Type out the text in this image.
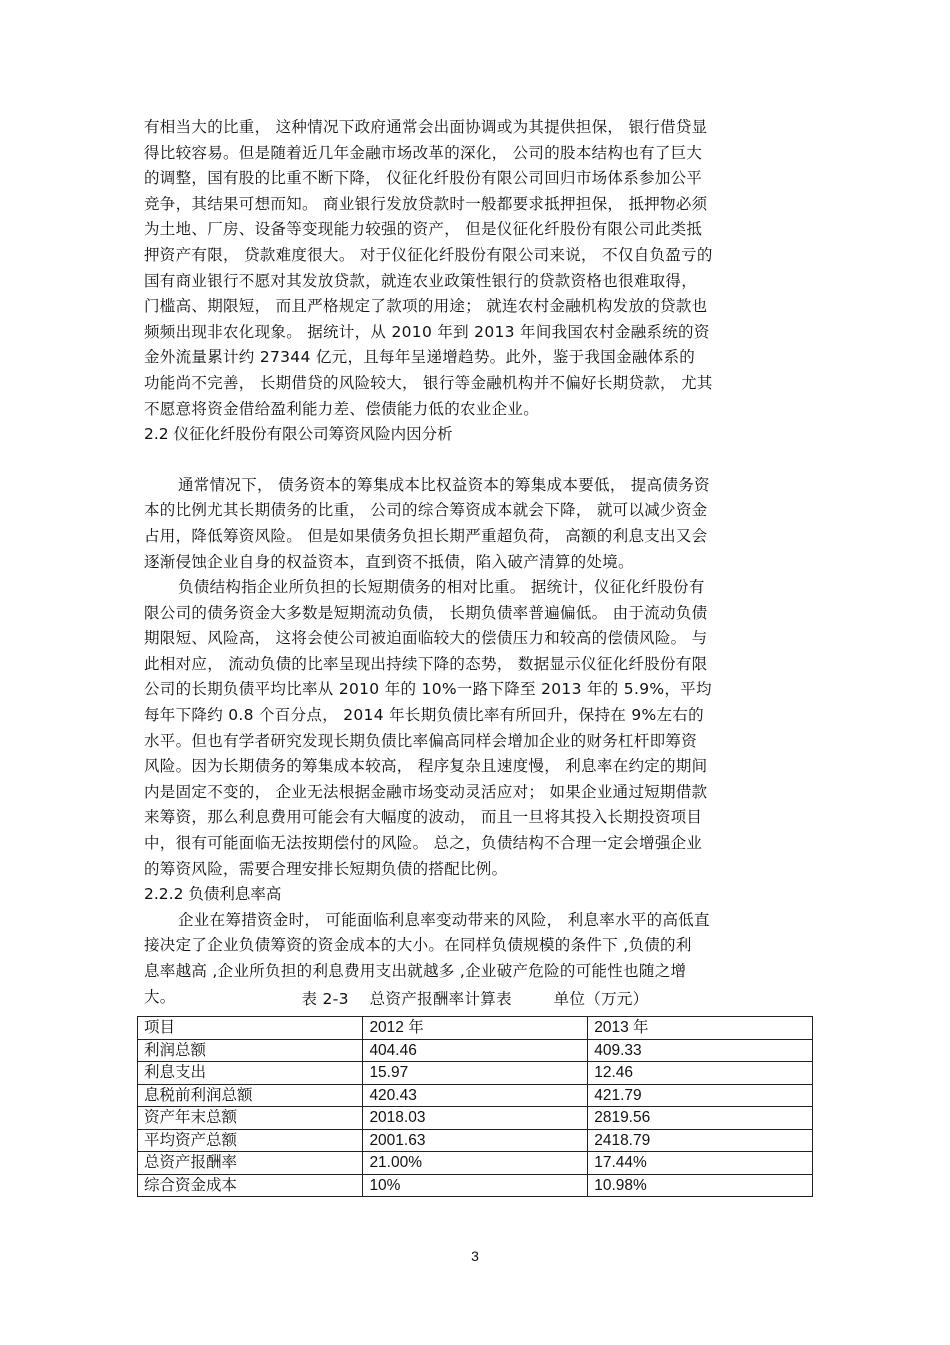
有相当大的比重， 这种情况下政府通常会出面协调或为其提供担保， 银行借贷显
得比较容易。但是随着近几年金融市场改革的深化， 公司的股本结构也有了巨大
的调整，国有股的比重不断下降， 仪征化纤股份有限公司回归市场体系参加公平
竞争，其结果可想而知。 商业银行发放贷款时一般都要求抵押担保， 抵押物必须
为土地、厂房、设备等变现能力较强的资产， 但是仪征化纤股份有限公司此类抵
押资产有限， 贷款难度很大。 对于仪征化纤股份有限公司来说， 不仅自负盈亏的
国有商业银行不愿对其发放贷款，就连农业政策性银行的贷款资格也很难取得，
门槛高、期限短， 而且严格规定了款项的用途； 就连农村金融机构发放的贷款也
频频出现非农化现象。 据统计，从 2010 年到 2013 年间我国农村金融系统的资
金外流量累计约 27344 亿元，且每年呈递增趋势。此外，鉴于我国金融体系的
功能尚不完善， 长期借贷的风险较大， 银行等金融机构并不偏好长期贷款， 尤其
不愿意将资金借给盈利能力差、偿债能力低的农业企业。
2.2 仪征化纤股份有限公司筹资风险内因分析
通常情况下， 债务资本的筹集成本比权益资本的筹集成本要低， 提高债务资
本的比例尤其长期债务的比重， 公司的综合筹资成本就会下降， 就可以减少资金
占用，降低筹资风险。 但是如果债务负担长期严重超负荷， 高额的利息支出又会
逐渐侵蚀企业自身的权益资本，直到资不抵债，陷入破产清算的处境。
负债结构指企业所负担的长短期债务的相对比重。 据统计，仪征化纤股份有
限公司的债务资金大多数是短期流动负债， 长期负债率普遍偏低。 由于流动负债
期限短、风险高， 这将会使公司被迫面临较大的偿债压力和较高的偿债风险。 与
此相对应， 流动负债的比率呈现出持续下降的态势， 数据显示仪征化纤股份有限
公司的长期负债平均比率从 2010 年的 10%一路下降至 2013 年的 5.9%，平均
每年下降约 0.8 个百分点， 2014 年长期负债比率有所回升，保持在 9%左右的
水平。但也有学者研究发现长期负债比率偏高同样会增加企业的财务杠杆即筹资
风险。因为长期债务的筹集成本较高， 程序复杂且速度慢， 利息率在约定的期间
内是固定不变的， 企业无法根据金融市场变动灵活应对； 如果企业通过短期借款
来筹资，那么利息费用可能会有大幅度的波动， 而且一旦将其投入长期投资项目
中，很有可能面临无法按期偿付的风险。 总之，负债结构不合理一定会增强企业
的筹资风险，需要合理安排长短期负债的搭配比例。
2.2.2 负债利息率高
企业在筹措资金时， 可能面临利息率变动带来的风险， 利息率水平的高低直
接决定了企业负债筹资的资金成本的大小。在同样负债规模的条件下 ,负债的利
息率越高 ,企业所负担的利息费用支出就越多 ,企业破产危险的可能性也随之增
大。	表 2-3    总资产报酬率计算表        单位（万元）
项目	2012 年	2013 年
利润总额	404.46	409.33
利息支出	15.97	12.46
息税前利润总额	420.43	421.79
资产年末总额	2018.03	2819.56
平均资产总额	2001.63	2418.79
总资产报酬率	21.00%	17.44%
综合资金成本	10%	10.98%
3
